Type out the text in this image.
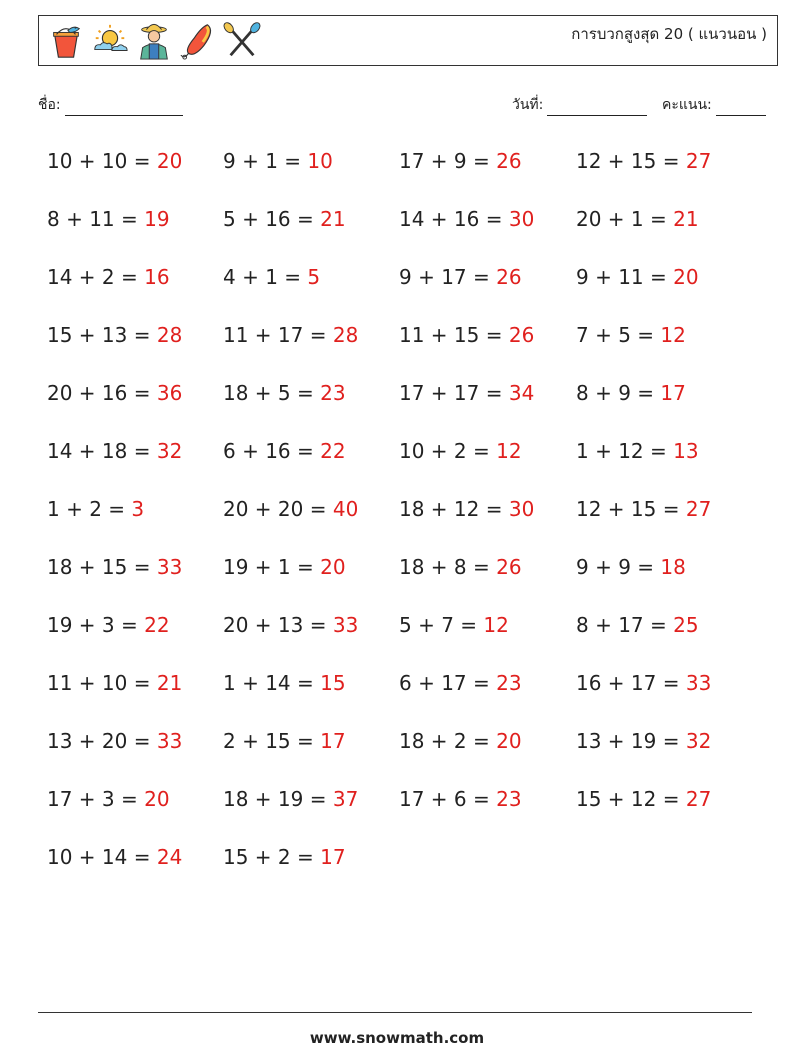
การบวกสูงสุด 20 ( แนวนอน )
ชื่อ:	วันที่:	คะแนน:
10 + 10 = 20 9 + 1 = 10	17 + 9 = 26	12 + 15 = 27
8 + 11 = 19	5 + 16 = 21	14 + 16 = 30 20 + 1 = 21
14 + 2 = 16	4 + 1 = 5	9 + 17 = 26	9 + 11 = 20
15 + 13 = 28 11 + 17 = 28 11 + 15 = 26 7 + 5 = 12
20 + 16 = 36 18 + 5 = 23	17 + 17 = 34 8 + 9 = 17
14 + 18 = 32 6 + 16 = 22	10 + 2 = 12	1 + 12 = 13
1 + 2 = 3	20 + 20 = 40 18 + 12 = 30 12 + 15 = 27
18 + 15 = 33 19 + 1 = 20	18 + 8 = 26	9 + 9 = 18
19 + 3 = 22	20 + 13 = 33 5 + 7 = 12	8 + 17 = 25
11 + 10 = 21 1 + 14 = 15	6 + 17 = 23	16 + 17 = 33
13 + 20 = 33 2 + 15 = 17	18 + 2 = 20	13 + 19 = 32
17 + 3 = 20	18 + 19 = 37 17 + 6 = 23	15 + 12 = 27
10 + 14 = 24 15 + 2 = 17
www.snowmath.com
